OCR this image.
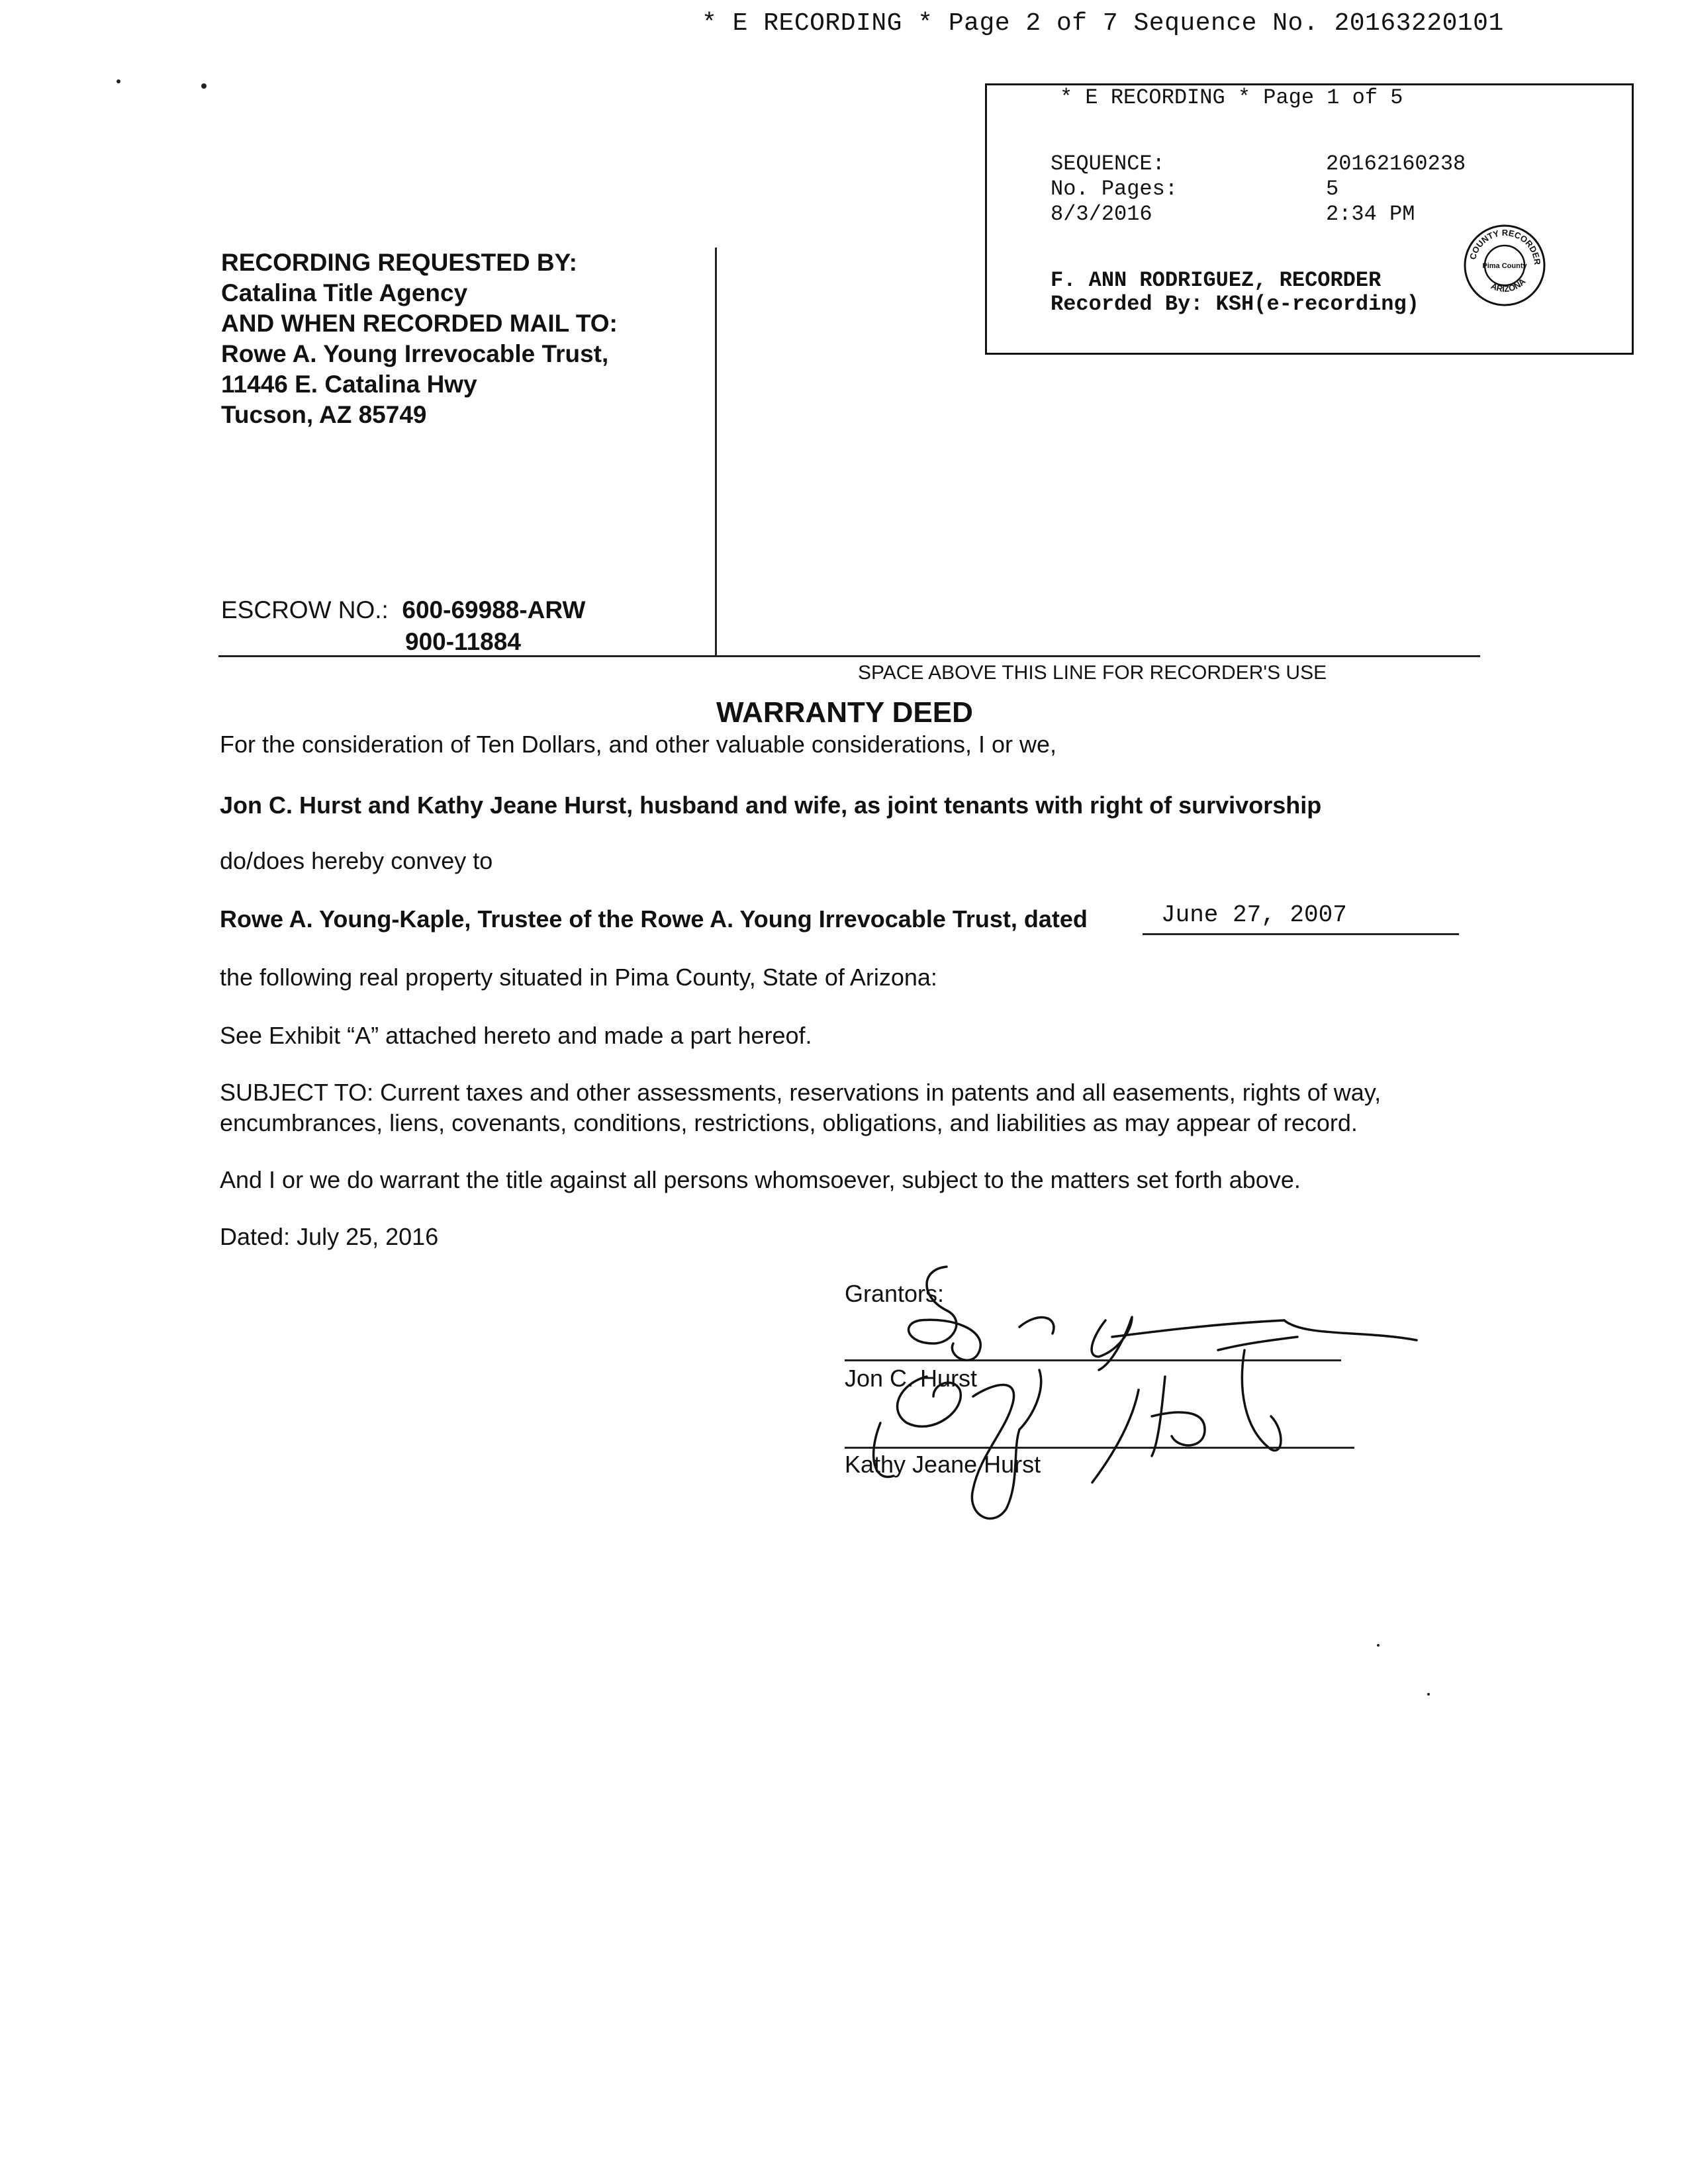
* E RECORDING * Page 2 of 7 Sequence No. 20163220101
* E RECORDING * Page 1 of 5
SEQUENCE:	20162160238
No. Pages:	5
8/3/2016	2:34 PM
F. ANN RODRIGUEZ, RECORDER
Recorded By: KSH(e-recording)
COUNTY RECORDER
ARIZONA
Pima County
RECORDING REQUESTED BY:
Catalina Title Agency
AND WHEN RECORDED MAIL TO:
Rowe A. Young Irrevocable Trust,
11446 E. Catalina Hwy
Tucson, AZ 85749
ESCROW NO.: 600-69988-ARW
900-11884
SPACE ABOVE THIS LINE FOR RECORDER'S USE
WARRANTY DEED
For the consideration of Ten Dollars, and other valuable considerations, I or we,
Jon C. Hurst and Kathy Jeane Hurst, husband and wife, as joint tenants with right of survivorship
do/does hereby convey to
Rowe A. Young-Kaple, Trustee of the Rowe A. Young Irrevocable Trust, dated	June 27, 2007
the following real property situated in Pima County, State of Arizona:
See Exhibit “A” attached hereto and made a part hereof.
SUBJECT TO: Current taxes and other assessments, reservations in patents and all easements, rights of way,
encumbrances, liens, covenants, conditions, restrictions, obligations, and liabilities as may appear of record.
And I or we do warrant the title against all persons whomsoever, subject to the matters set forth above.
Dated: July 25, 2016
Grantors:
Jon C. Hurst
Kathy Jeane Hurst
